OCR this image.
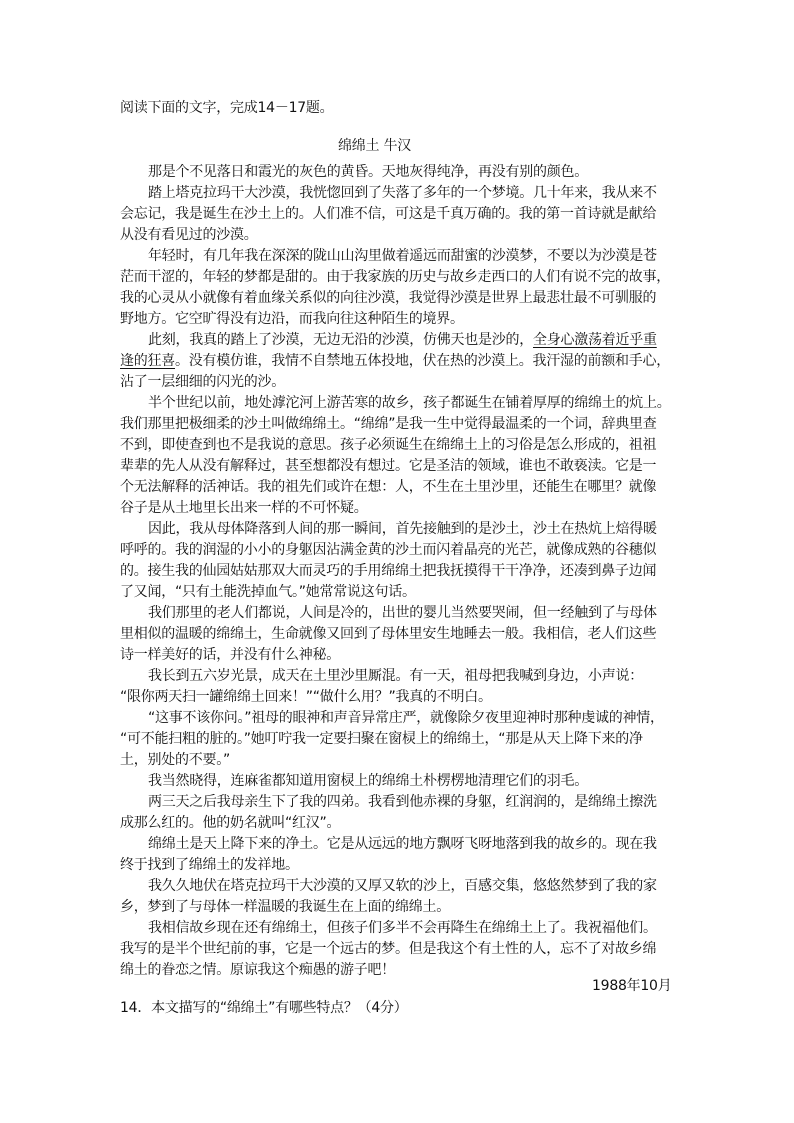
阅读下面的文字，完成14－17题。
绵绵土 牛汉
那是个不见落日和霞光的灰色的黄昏。天地灰得纯净，再没有别的颜色。
踏上塔克拉玛干大沙漠，我恍惚回到了失落了多年的一个梦境。几十年来，我从来不
会忘记，我是诞生在沙土上的。人们准不信，可这是千真万确的。我的第一首诗就是献给
从没有看见过的沙漠。
年轻时，有几年我在深深的陇山山沟里做着遥远而甜蜜的沙漠梦，不要以为沙漠是苍
茫而干涩的，年轻的梦都是甜的。由于我家族的历史与故乡走西口的人们有说不完的故事，
我的心灵从小就像有着血缘关系似的向往沙漠，我觉得沙漠是世界上最悲壮最不可驯服的
野地方。它空旷得没有边沿，而我向往这种陌生的境界。
此刻，我真的踏上了沙漠，无边无沿的沙漠，仿佛天也是沙的，全身心激荡着近乎重
逢的狂喜。没有模仿谁，我情不自禁地五体投地，伏在热的沙漠上。我汗湿的前额和手心，
沾了一层细细的闪光的沙。
半个世纪以前，地处滹沱河上游苦寒的故乡，孩子都诞生在铺着厚厚的绵绵土的炕上。
我们那里把极细柔的沙土叫做绵绵土。“绵绵”是我一生中觉得最温柔的一个词，辞典里查
不到，即使查到也不是我说的意思。孩子必须诞生在绵绵土上的习俗是怎么形成的，祖祖
辈辈的先人从没有解释过，甚至想都没有想过。它是圣洁的领域，谁也不敢亵渎。它是一
个无法解释的活神话。我的祖先们或许在想：人，不生在土里沙里，还能生在哪里？就像
谷子是从土地里长出来一样的不可怀疑。
因此，我从母体降落到人间的那一瞬间，首先接触到的是沙土，沙土在热炕上焙得暖
呼呼的。我的润湿的小小的身躯因沾满金黄的沙土而闪着晶亮的光芒，就像成熟的谷穗似
的。接生我的仙园姑姑那双大而灵巧的手用绵绵土把我抚摸得干干净净，还凑到鼻子边闻
了又闻，“只有土能洗掉血气。”她常常说这句话。
我们那里的老人们都说，人间是冷的，出世的婴儿当然要哭闹，但一经触到了与母体
里相似的温暖的绵绵土，生命就像又回到了母体里安生地睡去一般。我相信，老人们这些
诗一样美好的话，并没有什么神秘。
我长到五六岁光景，成天在土里沙里厮混。有一天，祖母把我喊到身边，小声说：
“限你两天扫一罐绵绵土回来！”“做什么用？”我真的不明白。
“这事不该你问。”祖母的眼神和声音异常庄严，就像除夕夜里迎神时那种虔诚的神情，
“可不能扫粗的脏的。”她叮咛我一定要扫聚在窗棂上的绵绵土，“那是从天上降下来的净
土，别处的不要。”
我当然晓得，连麻雀都知道用窗棂上的绵绵土朴楞楞地清理它们的羽毛。
两三天之后我母亲生下了我的四弟。我看到他赤裸的身躯，红润润的，是绵绵土擦洗
成那么红的。他的奶名就叫“红汉”。
绵绵土是天上降下来的净土。它是从远远的地方飘呀飞呀地落到我的故乡的。现在我
终于找到了绵绵土的发祥地。
我久久地伏在塔克拉玛干大沙漠的又厚又软的沙上，百感交集，悠悠然梦到了我的家
乡，梦到了与母体一样温暖的我诞生在上面的绵绵土。
我相信故乡现在还有绵绵土，但孩子们多半不会再降生在绵绵土上了。我祝福他们。
我写的是半个世纪前的事，它是一个远古的梦。但是我这个有土性的人，忘不了对故乡绵
绵土的眷恋之情。原谅我这个痴愚的游子吧！
1988年10月
14．本文描写的“绵绵土”有哪些特点？（4分）
